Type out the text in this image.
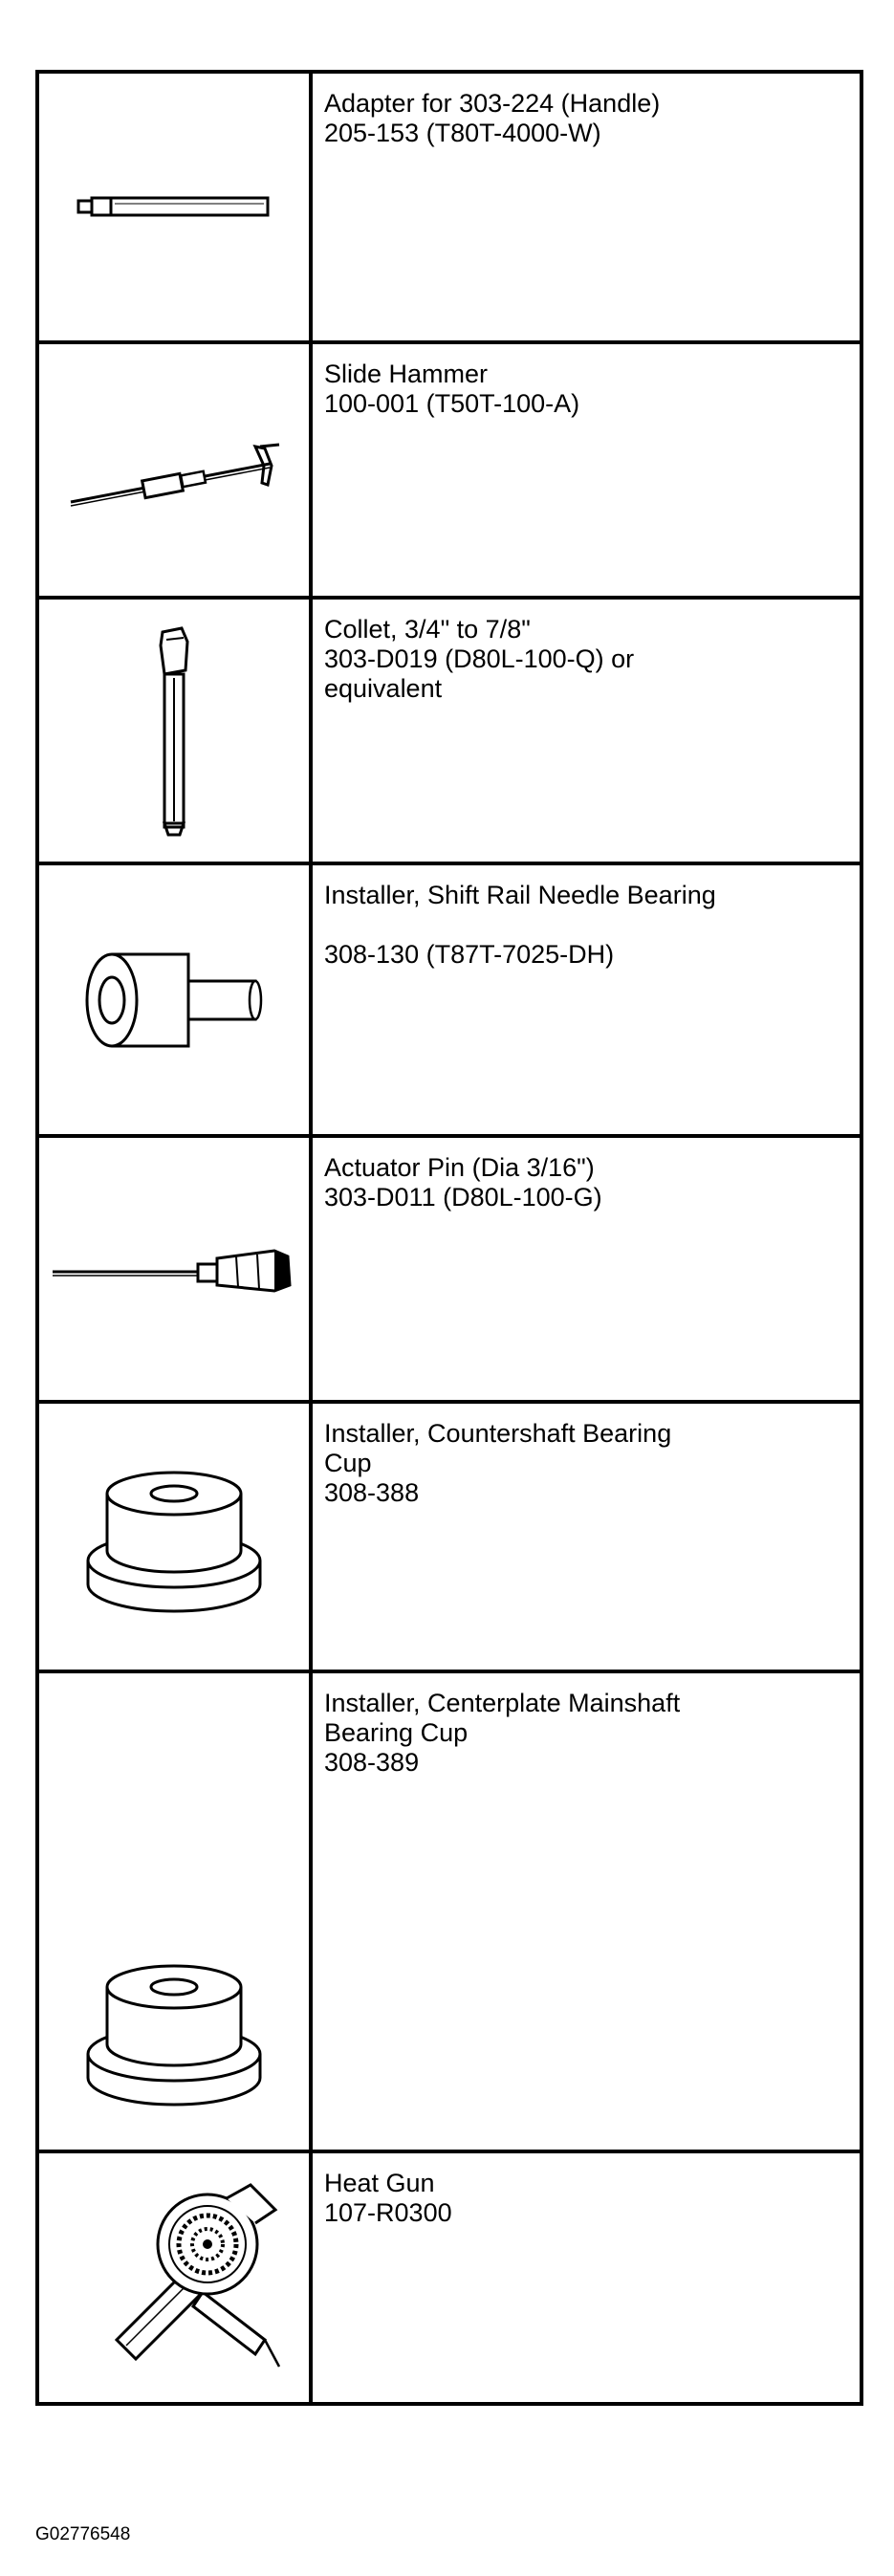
Adapter for 303-224 (Handle)
205-153 (T80T-4000-W)
Slide Hammer
100-001 (T50T-100-A)
Collet, 3/4" to 7/8"
303-D019 (D80L-100-Q) or
equivalent
Installer, Shift Rail Needle Bearing
308-130 (T87T-7025-DH)
Actuator Pin (Dia 3/16")
303-D011 (D80L-100-G)
Installer, Countershaft Bearing
Cup
308-388
Installer, Centerplate Mainshaft
Bearing Cup
308-389
Heat Gun
107-R0300
G02776548
